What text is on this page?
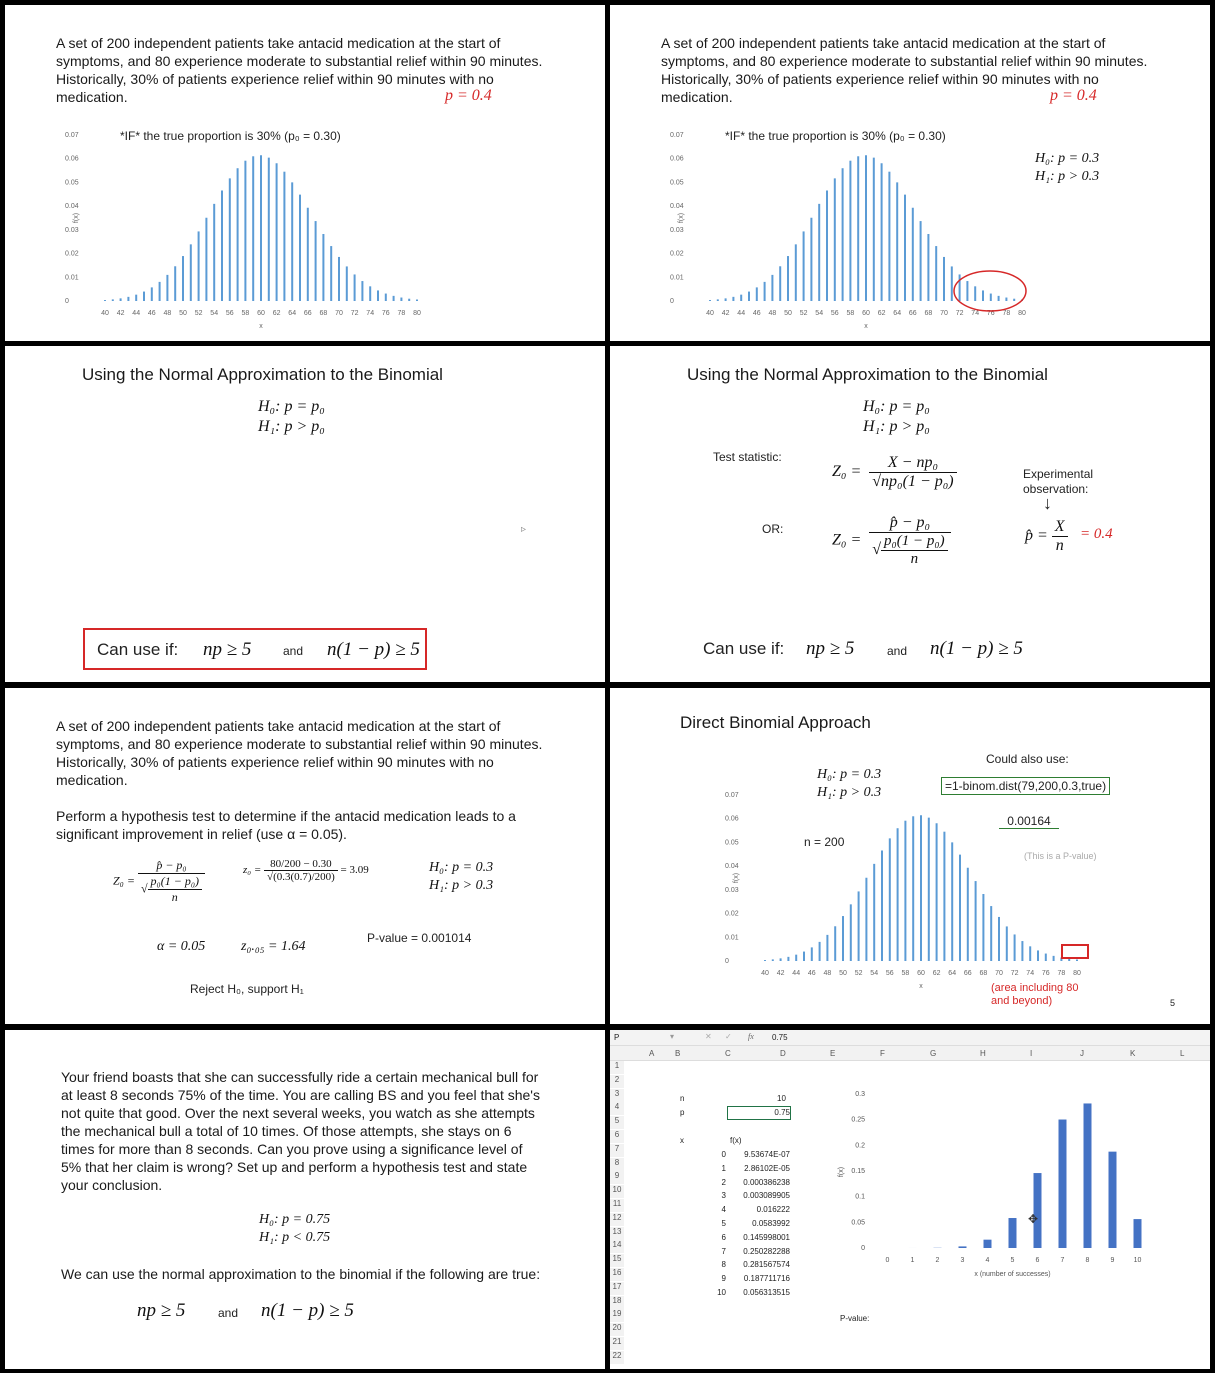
A set of 200 independent patients take antacid medication at the start of symptoms, and 80 experience moderate to substantial relief within 90 minutes. Historically, 30% of patients experience relief within 90 minutes with no medication.	p = 0.4
*IF* the true proportion is 30% (p₀ = 0.30)
0
0.01
0.02
0.03
0.04
0.05
0.06
0.07
f(x)
40 42 44 46 48 50 52 54 56 58 60 62 64 66 68 70 72 74 76 78 80
x
A set of 200 independent patients take antacid medication at the start of symptoms, and 80 experience moderate to substantial relief within 90 minutes. Historically, 30% of patients experience relief within 90 minutes with no medication.	p = 0.4
*IF* the true proportion is 30% (p₀ = 0.30)
0
0.01
0.02
0.03
0.04
0.05
0.06
0.07
f(x)
40 42 44 46 48 50 52 54 56 58 60 62 64 66 68 70 72 74 76 78 80
x
H₀: p = 0.3
H₁: p > 0.3
Using the Normal Approximation to the Binomial
H₀: p = p₀
H₁: p > p₀
▹
Can use if: np ≥ 5	and n(1 − p) ≥ 5
Using the Normal Approximation to the Binomial
H₀: p = p₀
H₁: p > p₀
Test statistic:
$Z_0 = \frac{\text{X − np₀}}{\text{√np₀(1 − p₀)}}$
OR:
$Z_0 = \frac{\text{p̂ − p₀}}{√ \frac{\text{p₀(1 − p₀)}}{n}}$
Experimental observation:
↓
p̂ = $\frac{X}{n} = 0.4$
Can use if: np ≥ 5	and n(1 − p) ≥ 5
A set of 200 independent patients take antacid medication at the start of symptoms, and 80 experience moderate to substantial relief within 90 minutes. Historically, 30% of patients experience relief within 90 minutes with no medication.
Perform a hypothesis test to determine if the antacid medication leads to a significant improvement in relief (use α = 0.05).
$Z_0 = \frac{\text{p̂ − p₀}}{√ \frac{\text{p₀(1 − p₀)}}{n}}$	$z_0 = \frac{80/200 - 0.30}{√(0.3(0.7)/200)} = 3.09$	H₀: p = 0.3
H₁: p > 0.3
P-value = 0.001014
α = 0.05	z₀.₀₅ = 1.64
Reject H₀, support H₁
Direct Binomial Approach
Could also use:
=1-binom.dist(79,200,0.3,true)
0.00164
(This is a P-value)
H₀: p = 0.3
H₁: p > 0.3
n = 200
0
0.01
0.02
0.03
0.04
0.05
0.06
0.07
f(x)
40 42 44 46 48 50 52 54 56 58 60 62 64 66 68 70 72 74 76 78 80
x	(area including 80 and beyond)	5
Your friend boasts that she can successfully ride a certain mechanical bull for at least 8 seconds 75% of the time. You are calling BS and you feel that she's not quite that good. Over the next several weeks, you watch as she attempts the mechanical bull a total of 10 times. Of those attempts, she stays on 6 times for more than 8 seconds. Can you prove using a significance level of 5% that her claim is wrong? Set up and perform a hypothesis test and state your conclusion.
H₀: p = 0.75
H₁: p < 0.75
We can use the normal approximation to the binomial if the following are true:
np ≥ 5	and n(1 − p) ≥ 5
P	▾	✕ ✓ fx 0.75
A	B	C	D	E	F	G	H	I	J	K	L
1
2
3
4
5
6
7
8
9
10
11
12
13
14
15
16
17
18
19
20
21
22
n	10
p	0.75
x	f(x)
0	9.53674E-07
1	2.86102E-05
2	0.000386238
3	0.003089905
4	0.016222
5	0.0583992
6	0.145998001
7	0.250282288
8	0.281567574
9	0.187711716
10	0.056313515
P-value:
0
0.05
0.1
0.15
0.2
0.25
0.3
f(x)
0	1	2	3	4	5	6	7	8	9	10
x (number of successes)
✥
